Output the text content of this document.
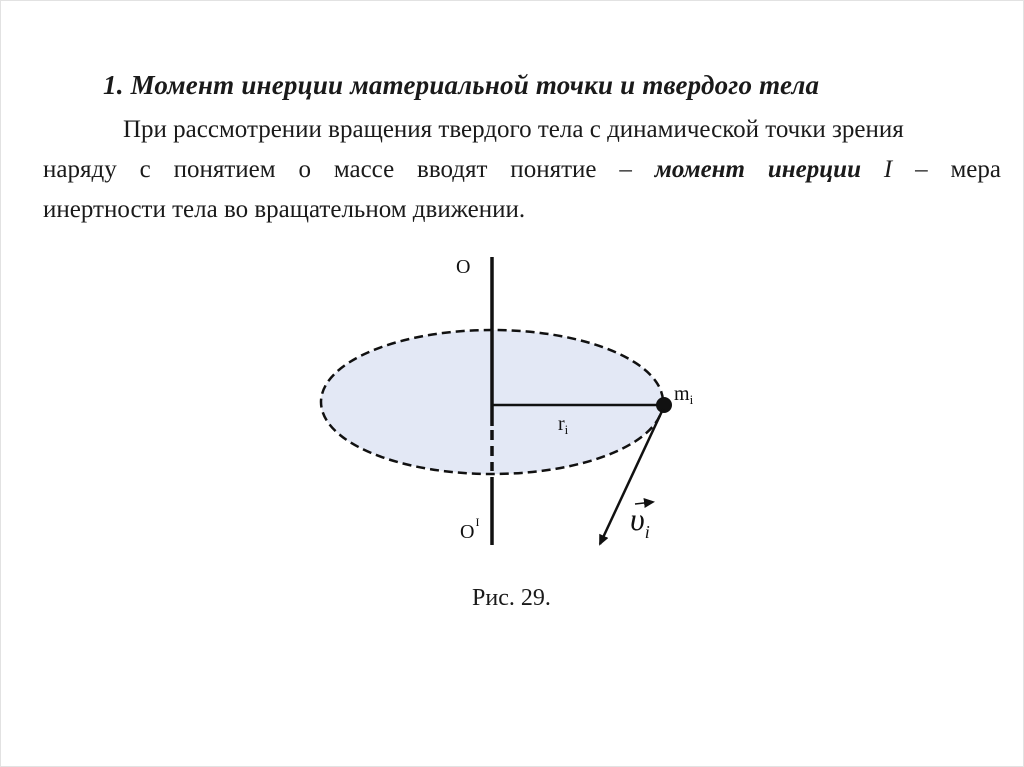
1. Момент инерции материальной точки и твердого тела
При рассмотрении вращения твердого тела с динамической точки зрения
наряду с понятием о массе вводят понятие – момент инерции I – мера
инертности тела во вращательном движении.
O
$O^I$
$m_i$
$r_i$
$\upsilon_i$
Рис. 29.
